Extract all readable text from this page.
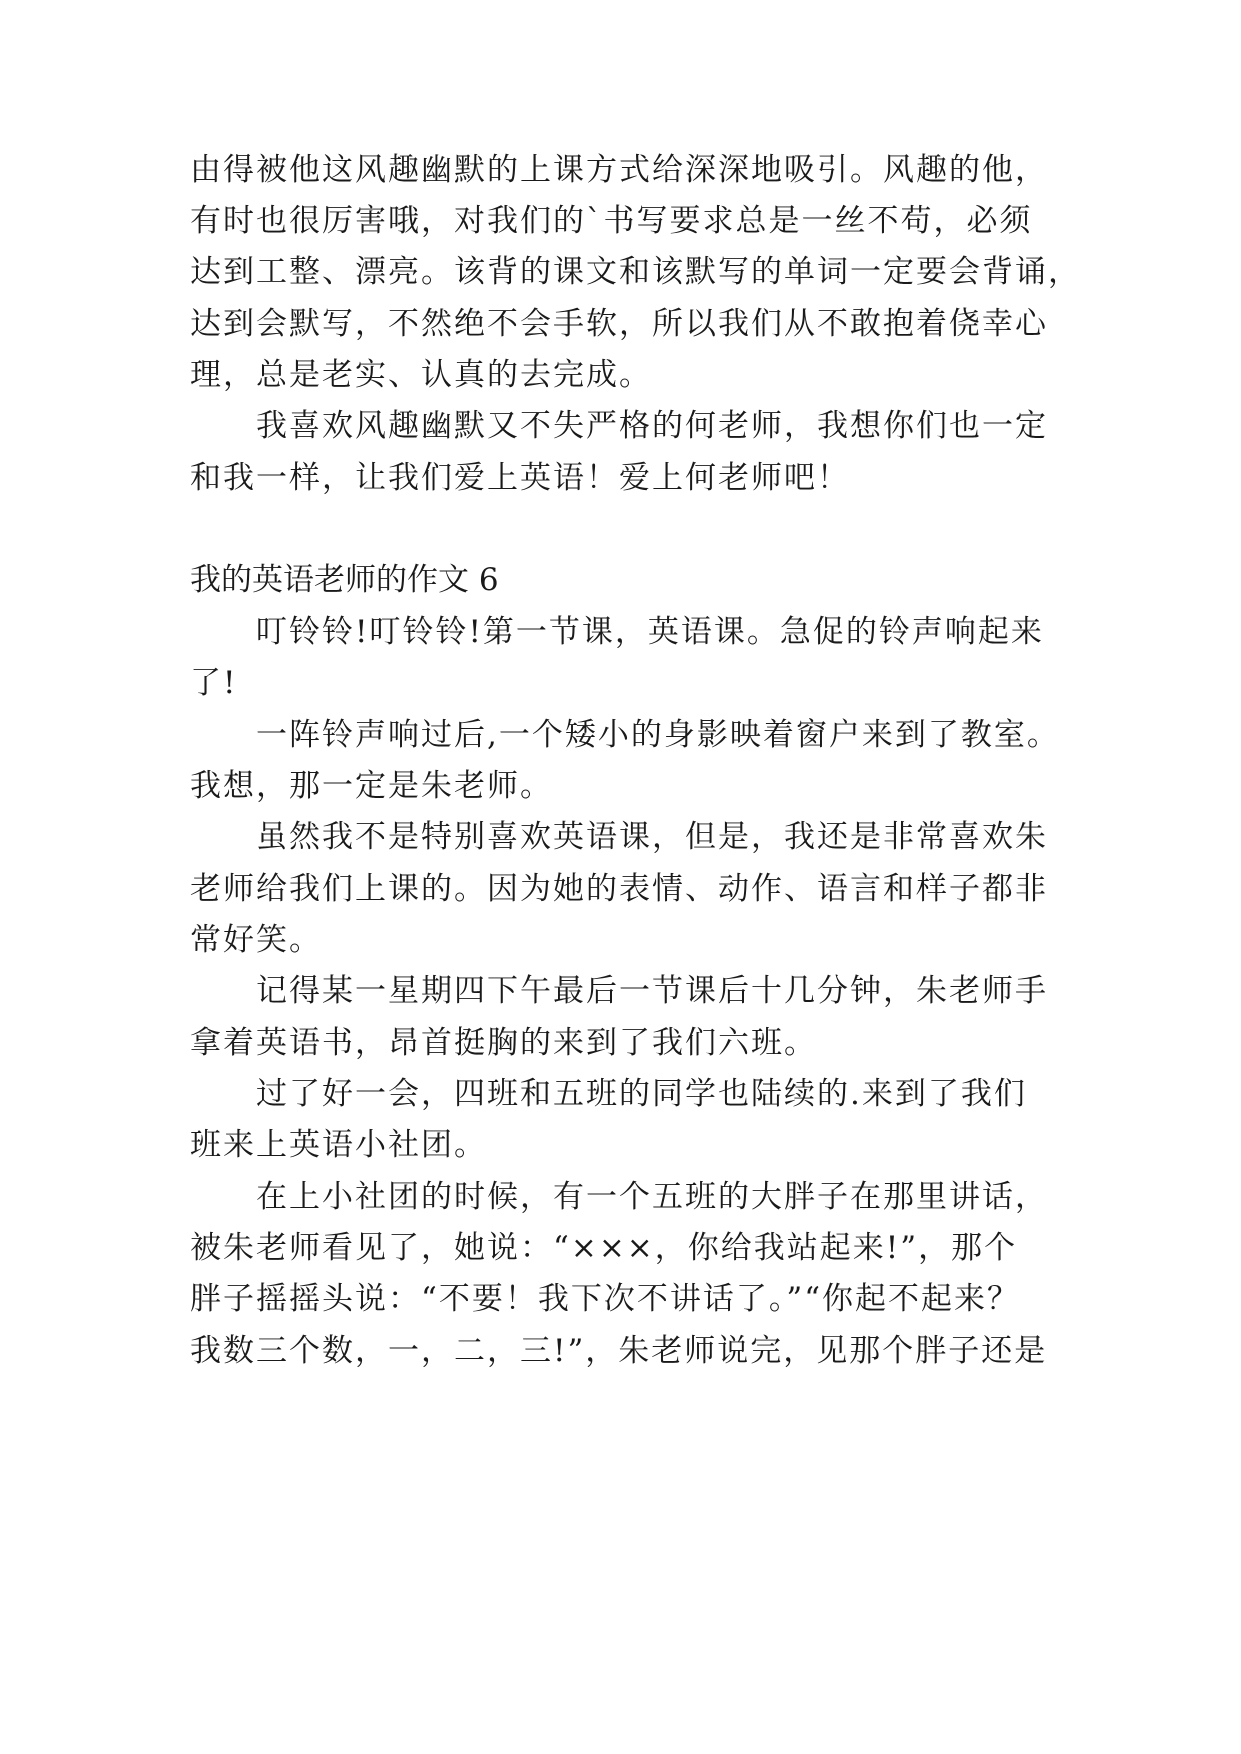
由得被他这风趣幽默的上课方式给深深地吸引。风趣的他，
有时也很厉害哦，对我们的`书写要求总是一丝不苟，必须
达到工整、漂亮。该背的课文和该默写的单词一定要会背诵，
达到会默写，不然绝不会手软，所以我们从不敢抱着侥幸心
理，总是老实、认真的去完成。
我喜欢风趣幽默又不失严格的何老师，我想你们也一定
和我一样，让我们爱上英语！爱上何老师吧！
我的英语老师的作文 6
叮铃铃!叮铃铃!第一节课，英语课。急促的铃声响起来
了!
一阵铃声响过后,一个矮小的身影映着窗户来到了教室。
我想，那一定是朱老师。
虽然我不是特别喜欢英语课，但是，我还是非常喜欢朱
老师给我们上课的。因为她的表情、动作、语言和样子都非
常好笑。
记得某一星期四下午最后一节课后十几分钟，朱老师手
拿着英语书，昂首挺胸的来到了我们六班。
过了好一会，四班和五班的同学也陆续的.来到了我们
班来上英语小社团。
在上小社团的时候，有一个五班的大胖子在那里讲话，
被朱老师看见了，她说：“×××，你给我站起来!”，那个
胖子摇摇头说：“不要！我下次不讲话了。”“你起不起来？
我数三个数，一，二，三!”，朱老师说完，见那个胖子还是
